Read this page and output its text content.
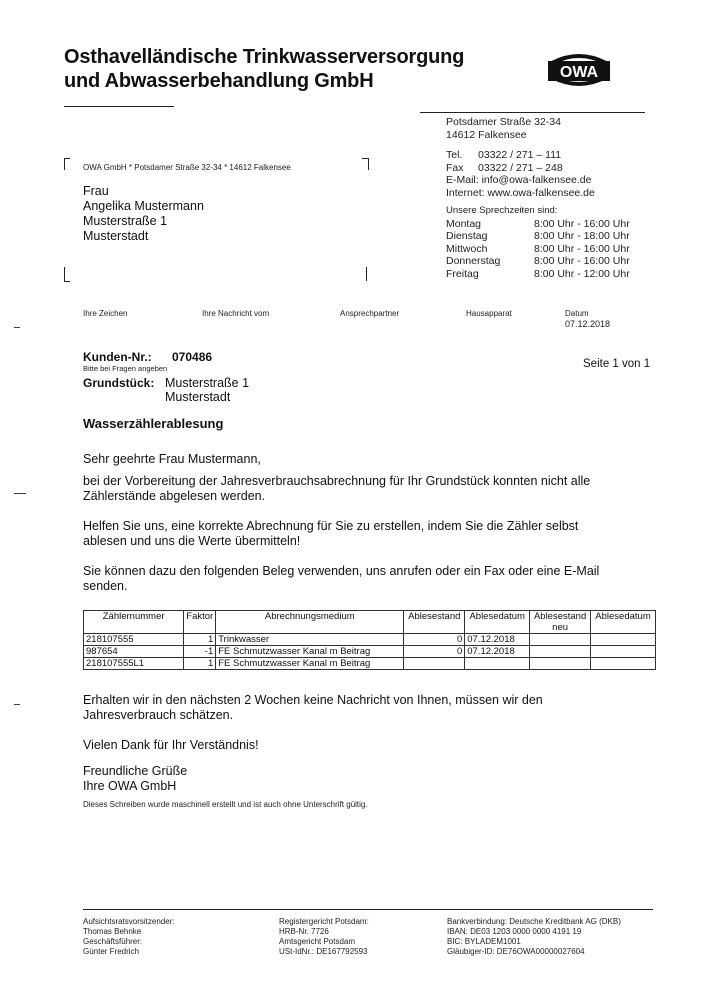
Osthavelländische Trinkwasserversorgung
und Abwasserbehandlung GmbH	OWA
Potsdamer Straße 32-34
14612 Falkensee
Tel.	03322 / 271 – 111
Fax	03322 / 271 – 248
E-Mail: info@owa-falkensee.de
Internet: www.owa-falkensee.de
Unsere Sprechzeiten sind:
Montag	8:00 Uhr - 16:00 Uhr
Dienstag	8:00 Uhr - 18:00 Uhr
Mittwoch	8:00 Uhr - 16:00 Uhr
Donnerstag	8:00 Uhr - 16:00 Uhr
Freitag	8:00 Uhr - 12:00 Uhr
OWA GmbH * Potsdamer Straße 32-34 * 14612 Falkensee
Frau
Angelika Mustermann
Musterstraße 1
Musterstadt
Ihre Zeichen	Ihre Nachricht vom	Ansprechpartner	Hausapparat	Datum
07.12.2018
Kunden-Nr.: 070486
Bitte bei Fragen angeben	Seite 1 von 1
Grundstück: Musterstraße 1
Musterstadt
Wasserzählerablesung
Sehr geehrte Frau Mustermann,
bei der Vorbereitung der Jahresverbrauchsabrechnung für Ihr Grundstück konnten nicht alle
Zählerstände abgelesen werden.
Helfen Sie uns, eine korrekte Abrechnung für Sie zu erstellen, indem Sie die Zähler selbst
ablesen und uns die Werte übermitteln!
Sie können dazu den folgenden Beleg verwenden, uns anrufen oder ein Fax oder eine E-Mail
senden.
Zählernummer	Faktor	Abrechnungsmedium	Ablesestand	Ablesedatum	Ablesestand neu	Ablesedatum
218107555	1	Trinkwasser	0	07.12.2018		
987654	-1	FE Schmutzwasser Kanal m Beitrag	0	07.12.2018		
218107555L1	1	FE Schmutzwasser Kanal m Beitrag				
Erhalten wir in den nächsten 2 Wochen keine Nachricht von Ihnen, müssen wir den
Jahresverbrauch schätzen.
Vielen Dank für Ihr Verständnis!
Freundliche Grüße
Ihre OWA GmbH
Dieses Schreiben wurde maschinell erstellt und ist auch ohne Unterschrift gültig.
Aufsichtsratsvorsitzender:
Thomas Behnke
Geschäftsführer:
Günter Fredrich
Registergericht Potsdam:
HRB-Nr. 7726
Amtsgericht Potsdam
USt-IdNr.: DE167792593
Bankverbindung: Deutsche Kreditbank AG (DKB)
IBAN: DE03 1203 0000 0000 4191 19
BIC: BYLADEM1001
Gläubiger-ID: DE76OWA00000027604
